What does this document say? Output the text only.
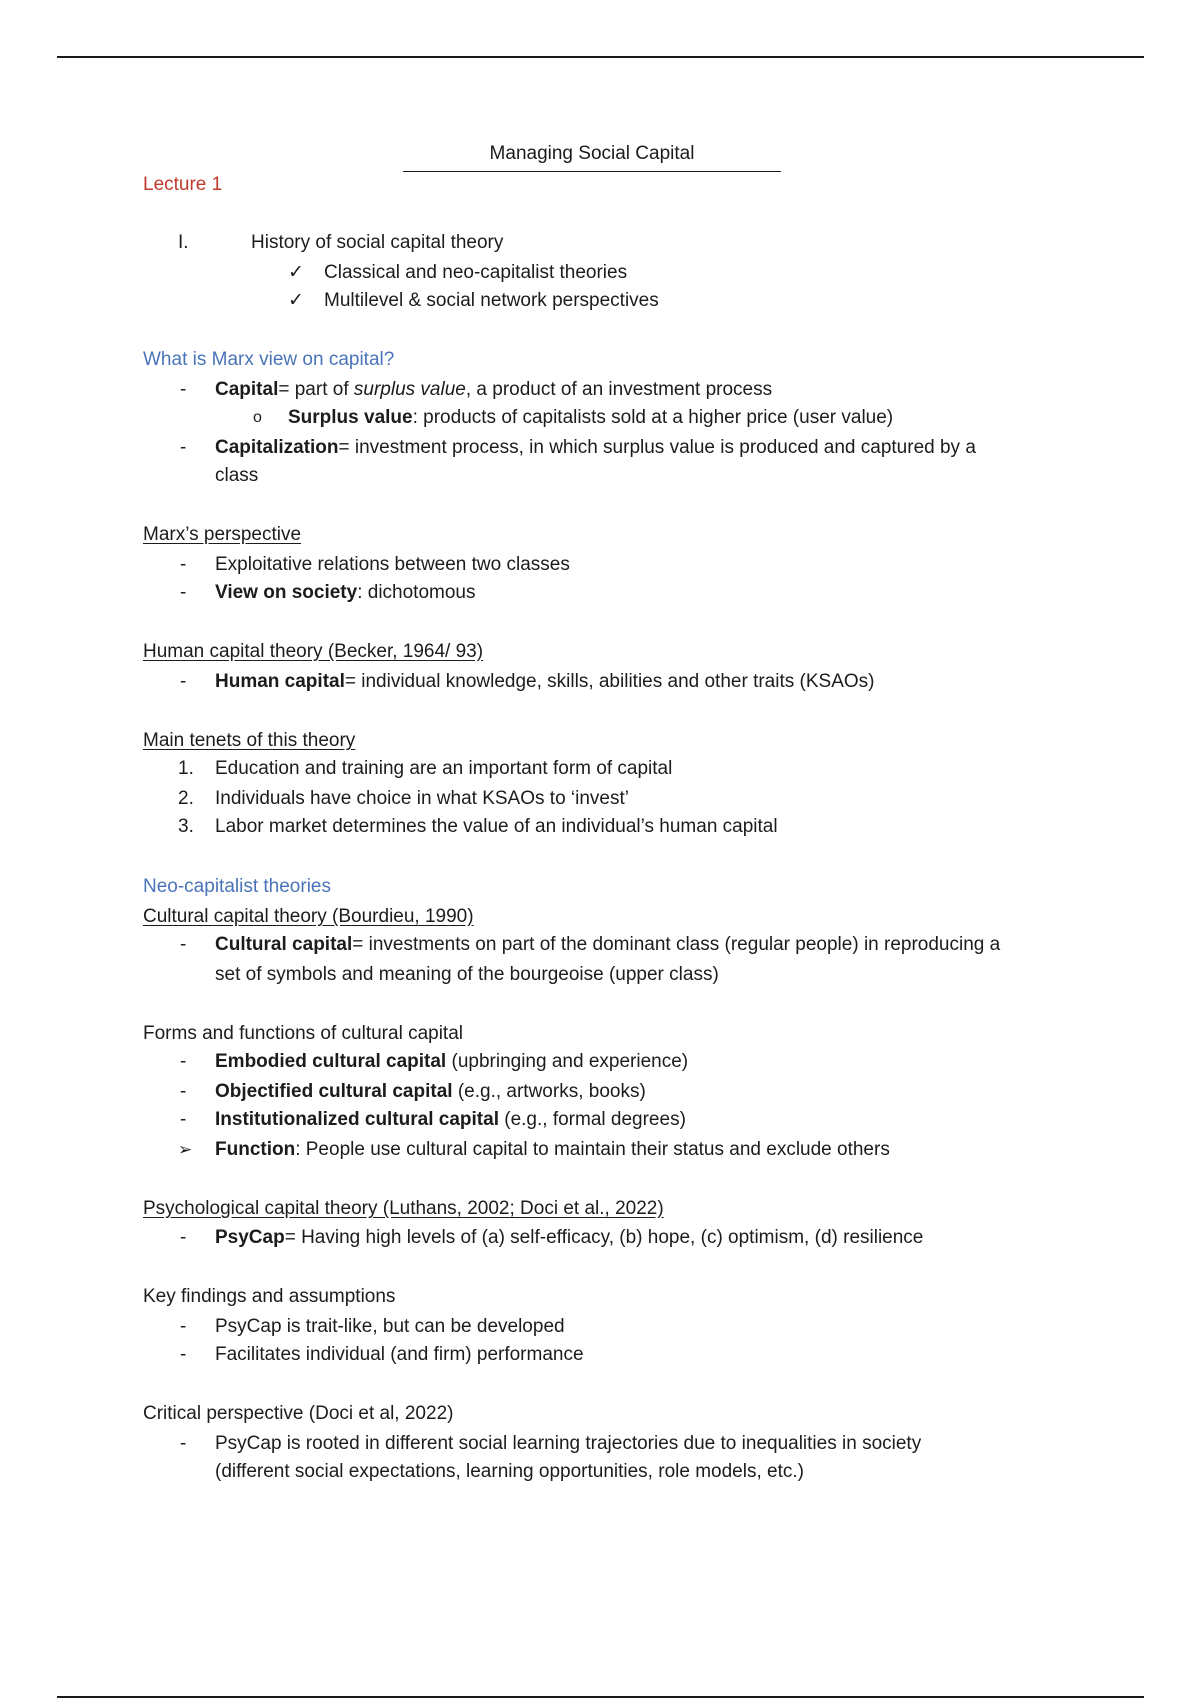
Managing Social Capital
Lecture 1
I.	History of social capital theory
✓ Classical and neo-capitalist theories
✓ Multilevel & social network perspectives
What is Marx view on capital?
- Capital= part of surplus value, a product of an investment process
o Surplus value: products of capitalists sold at a higher price (user value)
- Capitalization= investment process, in which surplus value is produced and captured by a
class
Marx’s perspective
- Exploitative relations between two classes
- View on society: dichotomous
Human capital theory (Becker, 1964/ 93)
- Human capital= individual knowledge, skills, abilities and other traits (KSAOs)
Main tenets of this theory
1. Education and training are an important form of capital
2. Individuals have choice in what KSAOs to ‘invest’
3. Labor market determines the value of an individual’s human capital
Neo-capitalist theories
Cultural capital theory (Bourdieu, 1990)
- Cultural capital= investments on part of the dominant class (regular people) in reproducing a
set of symbols and meaning of the bourgeoise (upper class)
Forms and functions of cultural capital
- Embodied cultural capital (upbringing and experience)
- Objectified cultural capital (e.g., artworks, books)
- Institutionalized cultural capital (e.g., formal degrees)
➢ Function: People use cultural capital to maintain their status and exclude others
Psychological capital theory (Luthans, 2002; Doci et al., 2022)
- PsyCap= Having high levels of (a) self-efficacy, (b) hope, (c) optimism, (d) resilience
Key findings and assumptions
- PsyCap is trait-like, but can be developed
- Facilitates individual (and firm) performance
Critical perspective (Doci et al, 2022)
- PsyCap is rooted in different social learning trajectories due to inequalities in society
(different social expectations, learning opportunities, role models, etc.)
